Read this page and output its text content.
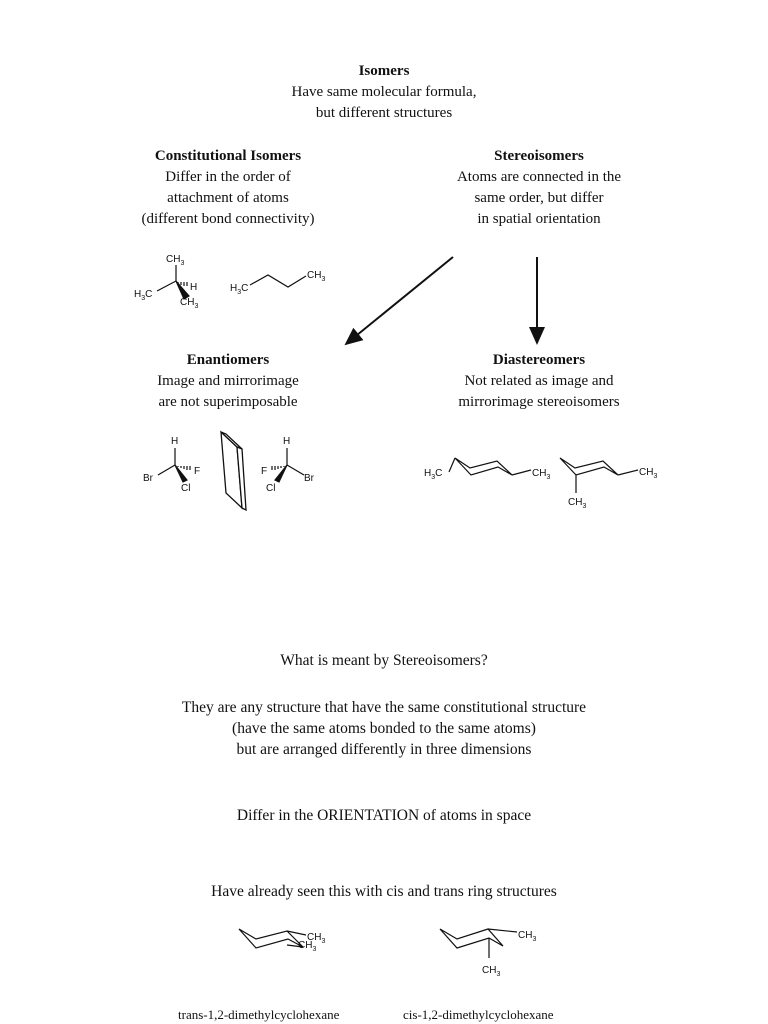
Isomers
Have same molecular formula,
but different structures
Constitutional Isomers
Differ in the order of
attachment of atoms
(different bond connectivity)
Stereoisomers
Atoms are connected in the
same order, but differ
in spatial orientation
Enantiomers
Image and mirrorimage
are not superimposable
Diastereomers
Not related as image and
mirrorimage stereoisomers
$CH_3$
H
$H_3C$
$CH_3$
$H_3C$
$CH_3$
H
Br
F
Cl
H
F
Br
Cl
$H_3C$	$CH_3$
$CH_3$
$CH_3$
$CH_3$
$CH_3$
$CH_3$
$CH_3$
What is meant by Stereoisomers?
They are any structure that have the same constitutional structure
(have the same atoms bonded to the same atoms)
but are arranged differently in three dimensions
Differ in the ORIENTATION of atoms in space
Have already seen this with cis and trans ring structures
trans-1,2-dimethylcyclohexane	cis-1,2-dimethylcyclohexane
